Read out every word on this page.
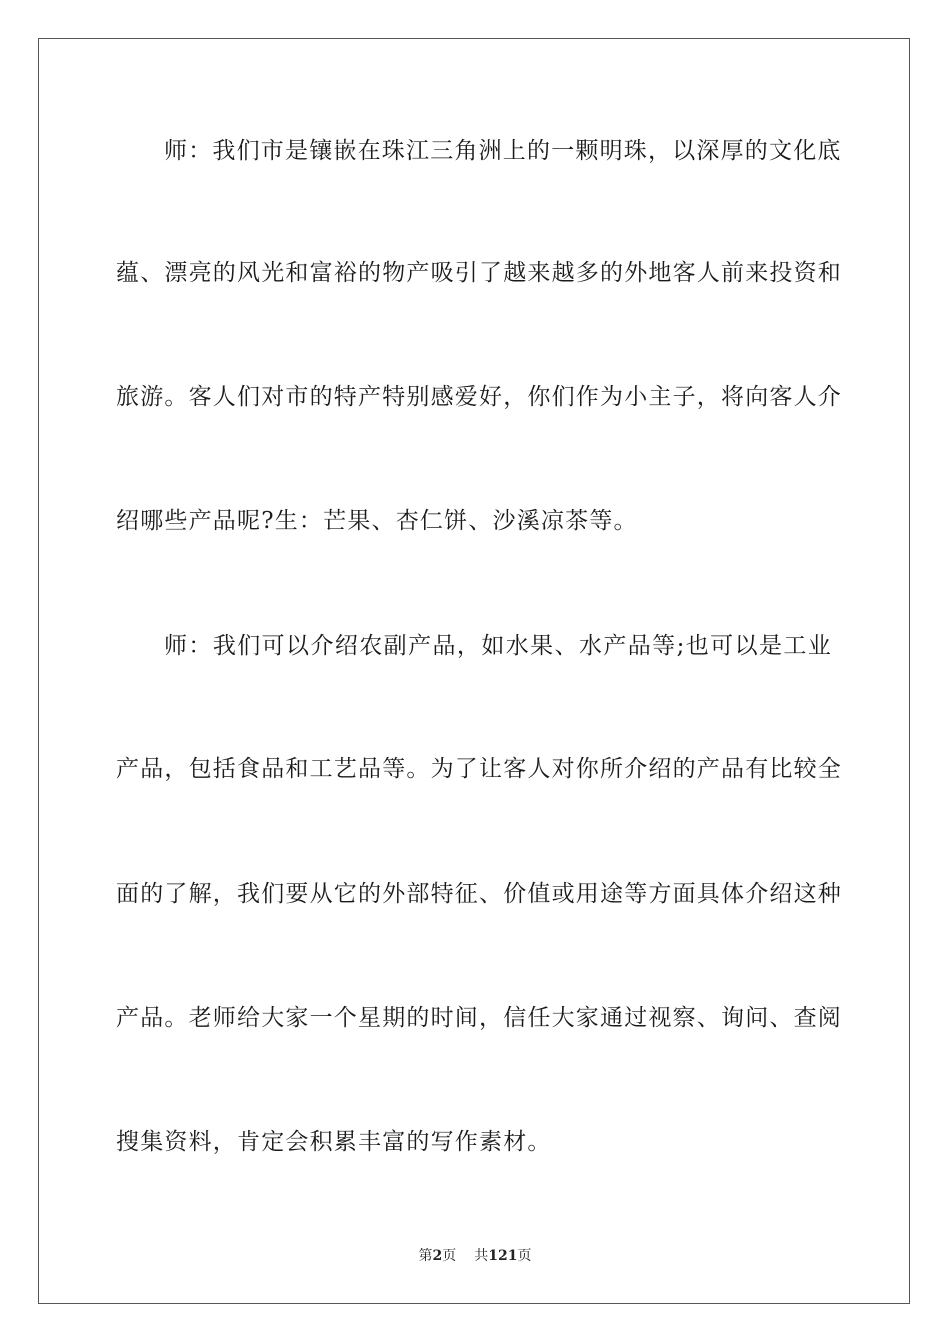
师：我们市是镶嵌在珠江三角洲上的一颗明珠，以深厚的文化底
蕴、漂亮的风光和富裕的物产吸引了越来越多的外地客人前来投资和
旅游。客人们对市的特产特别感爱好，你们作为小主子，将向客人介
绍哪些产品呢?生：芒果、杏仁饼、沙溪凉茶等。
师：我们可以介绍农副产品，如水果、水产品等;也可以是工业
产品，包括食品和工艺品等。为了让客人对你所介绍的产品有比较全
面的了解，我们要从它的外部特征、价值或用途等方面具体介绍这种
产品。老师给大家一个星期的时间，信任大家通过视察、询问、查阅
搜集资料，肯定会积累丰富的写作素材。
第2页 共121页
